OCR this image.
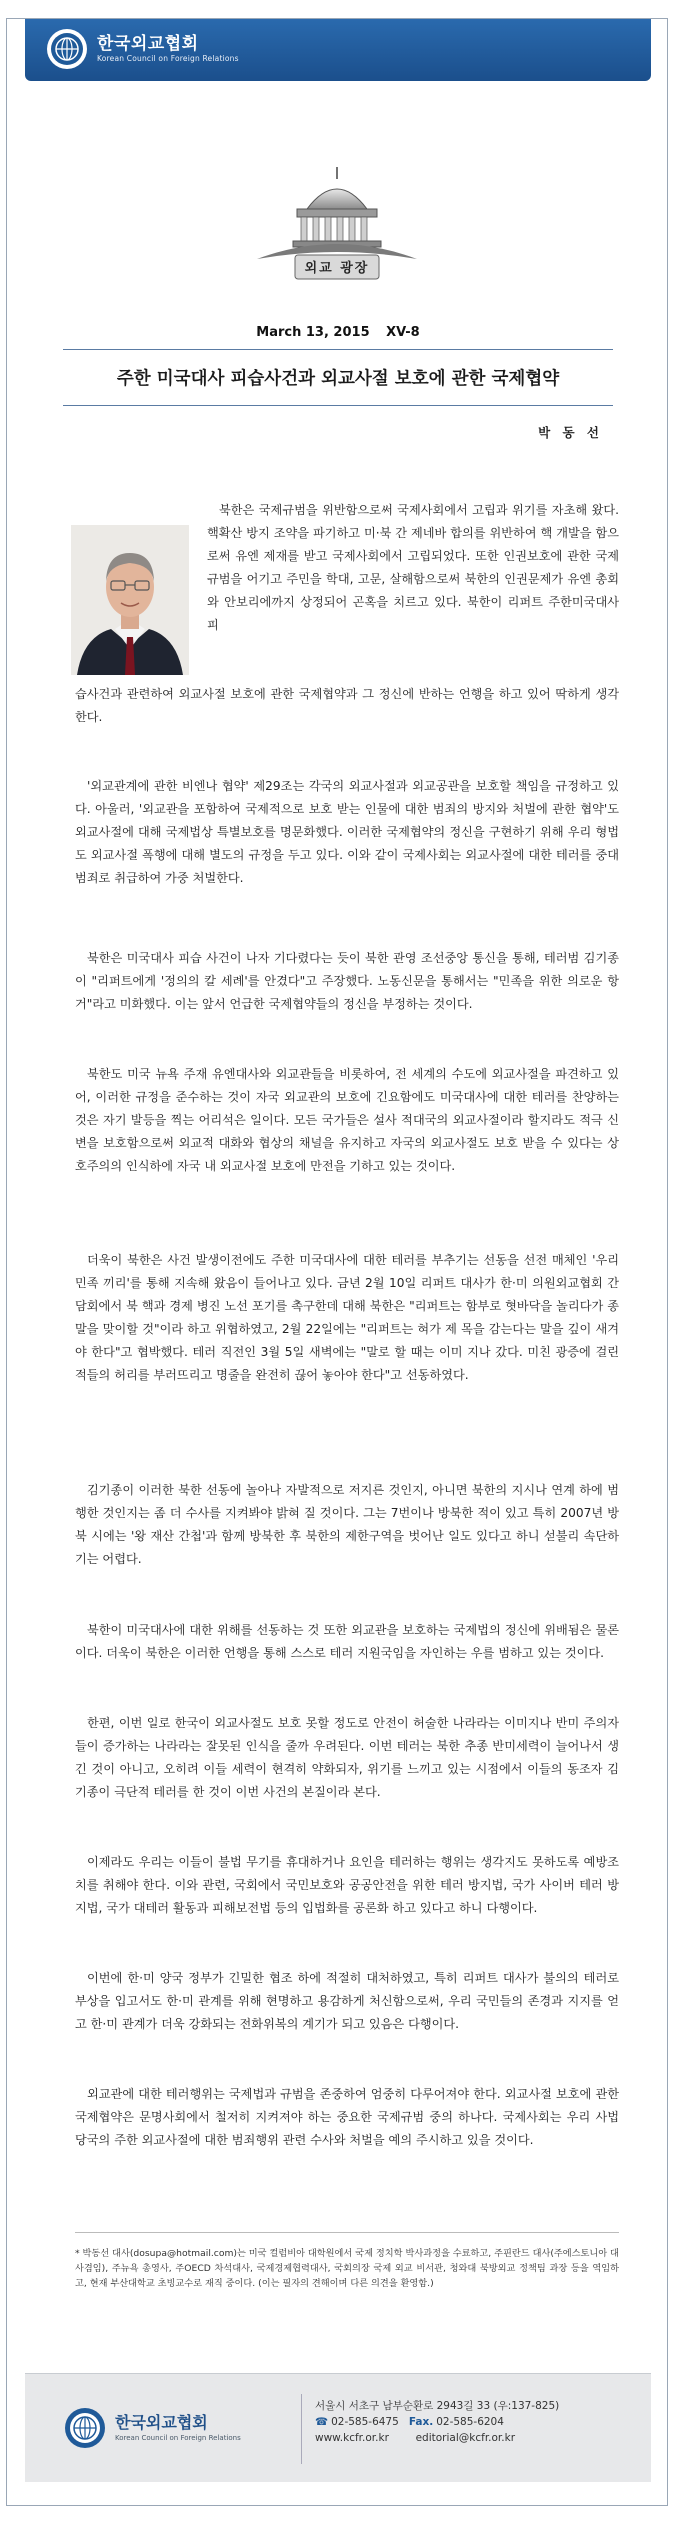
한국외교협회
Korean Council on Foreign Relations
외교 광장
March 13, 2015 XV-8
주한 미국대사 피습사건과 외교사절 보호에 관한 국제협약
박 동 선

북한은 국제규범을 위반함으로써 국제사회에서 고립과 위기를 자초해 왔다. 핵확산 방지 조약을 파기하고 미·북 간 제네바 합의를 위반하여 핵 개발을 함으로써 유엔 제재를 받고 국제사회에서 고립되었다. 또한 인권보호에 관한 국제규범을 어기고 주민을 학대, 고문, 살해함으로써 북한의 인권문제가 유엔 총회와 안보리에까지 상정되어 곤혹을 치르고 있다. 북한이 리퍼트 주한미국대사 피

습사건과 관련하여 외교사절 보호에 관한 국제협약과 그 정신에 반하는 언행을 하고 있어 딱하게 생각한다.

'외교관계에 관한 비엔나 협약' 제29조는 각국의 외교사절과 외교공관을 보호할 책임을 규정하고 있다. 아울러, '외교관을 포함하여 국제적으로 보호 받는 인물에 대한 범죄의 방지와 처벌에 관한 협약'도 외교사절에 대해 국제법상 특별보호를 명문화했다. 이러한 국제협약의 정신을 구현하기 위해 우리 형법도 외교사절 폭행에 대해 별도의 규정을 두고 있다. 이와 같이 국제사회는 외교사절에 대한 테러를 중대 범죄로 취급하여 가중 처벌한다.

북한은 미국대사 피습 사건이 나자 기다렸다는 듯이 북한 관영 조선중앙 통신을 통해, 테러범 김기종이 "리퍼트에게 '정의의 칼 세례'를 안겼다"고 주장했다. 노동신문을 통해서는 "민족을 위한 의로운 항거"라고 미화했다. 이는 앞서 언급한 국제협약들의 정신을 부정하는 것이다.

북한도 미국 뉴욕 주재 유엔대사와 외교관들을 비롯하여, 전 세계의 수도에 외교사절을 파견하고 있어, 이러한 규정을 준수하는 것이 자국 외교관의 보호에 긴요함에도 미국대사에 대한 테러를 찬양하는 것은 자기 발등을 찍는 어리석은 일이다. 모든 국가들은 설사 적대국의 외교사절이라 할지라도 적극 신변을 보호함으로써 외교적 대화와 협상의 채널을 유지하고 자국의 외교사절도 보호 받을 수 있다는 상호주의의 인식하에 자국 내 외교사절 보호에 만전을 기하고 있는 것이다.

더욱이 북한은 사건 발생이전에도 주한 미국대사에 대한 테러를 부추기는 선동을 선전 매체인 '우리 민족 끼리'를 통해 지속해 왔음이 들어나고 있다. 금년 2월 10일 리퍼트 대사가 한·미 의원외교협회 간담회에서 북 핵과 경제 병진 노선 포기를 촉구한데 대해 북한은 "리퍼트는 함부로 혓바닥을 놀리다가 종말을 맞이할 것"이라 하고 위협하였고, 2월 22일에는 "리퍼트는 혀가 제 목을 감는다는 말을 깊이 새겨야 한다"고 협박했다. 테러 직전인 3월 5일 새벽에는 "말로 할 때는 이미 지나 갔다. 미친 광증에 걸린 적들의 허리를 부러뜨리고 명줄을 완전히 끊어 놓아야 한다"고 선동하였다.

김기종이 이러한 북한 선동에 놀아나 자발적으로 저지른 것인지, 아니면 북한의 지시나 연계 하에 범행한 것인지는 좀 더 수사를 지켜봐야 밝혀 질 것이다. 그는 7번이나 방북한 적이 있고 특히 2007년 방북 시에는 '왕 재산 간첩'과 함께 방북한 후 북한의 제한구역을 벗어난 일도 있다고 하니 섣불리 속단하기는 어렵다.

북한이 미국대사에 대한 위해를 선동하는 것 또한 외교관을 보호하는 국제법의 정신에 위배됨은 물론이다. 더욱이 북한은 이러한 언행을 통해 스스로 테러 지원국임을 자인하는 우를 범하고 있는 것이다.

한편, 이번 일로 한국이 외교사절도 보호 못할 정도로 안전이 허술한 나라라는 이미지나 반미 주의자들이 증가하는 나라라는 잘못된 인식을 줄까 우려된다. 이번 테러는 북한 추종 반미세력이 늘어나서 생긴 것이 아니고, 오히려 이들 세력이 현격히 약화되자, 위기를 느끼고 있는 시점에서 이들의 동조자 김기종이 극단적 테러를 한 것이 이번 사건의 본질이라 본다.

이제라도 우리는 이들이 불법 무기를 휴대하거나 요인을 테러하는 행위는 생각지도 못하도록 예방조치를 취해야 한다. 이와 관련, 국회에서 국민보호와 공공안전을 위한 테러 방지법, 국가 사이버 테러 방지법, 국가 대테러 활동과 피해보전법 등의 입법화를 공론화 하고 있다고 하니 다행이다.

이번에 한·미 양국 정부가 긴밀한 협조 하에 적절히 대처하였고, 특히 리퍼트 대사가 불의의 테러로 부상을 입고서도 한·미 관계를 위해 현명하고 용감하게 처신함으로써, 우리 국민들의 존경과 지지를 얻고 한·미 관계가 더욱 강화되는 전화위복의 계기가 되고 있음은 다행이다.

외교관에 대한 테러행위는 국제법과 규범을 존중하여 엄중히 다루어져야 한다. 외교사절 보호에 관한 국제협약은 문명사회에서 철저히 지켜져야 하는 중요한 국제규범 중의 하나다. 국제사회는 우리 사법 당국의 주한 외교사절에 대한 범죄행위 관련 수사와 처벌을 예의 주시하고 있을 것이다.

* 박동선 대사(dosupa@hotmail.com)는 미국 컬럼비아 대학원에서 국제 정치학 박사과정을 수료하고, 주핀란드 대사(주에스토니아 대사겸임), 주뉴욕 총영사, 주OECD 차석대사, 국제경제협력대사, 국회의장 국제 외교 비서관, 청와대 북방외교 정책팀 과장 등을 역임하고, 현재 부산대학교 초빙교수로 재직 중이다. (이는 필자의 견해이며 다른 의견을 환영함.)
한국외교협회
Korean Council on Foreign Relations
서울시 서초구 남부순환로 2943길 33 (우:137-825)
☎ 02-585-6475 Fax. 02-585-6204
www.kcfr.or.kr	editorial@kcfr.or.kr
